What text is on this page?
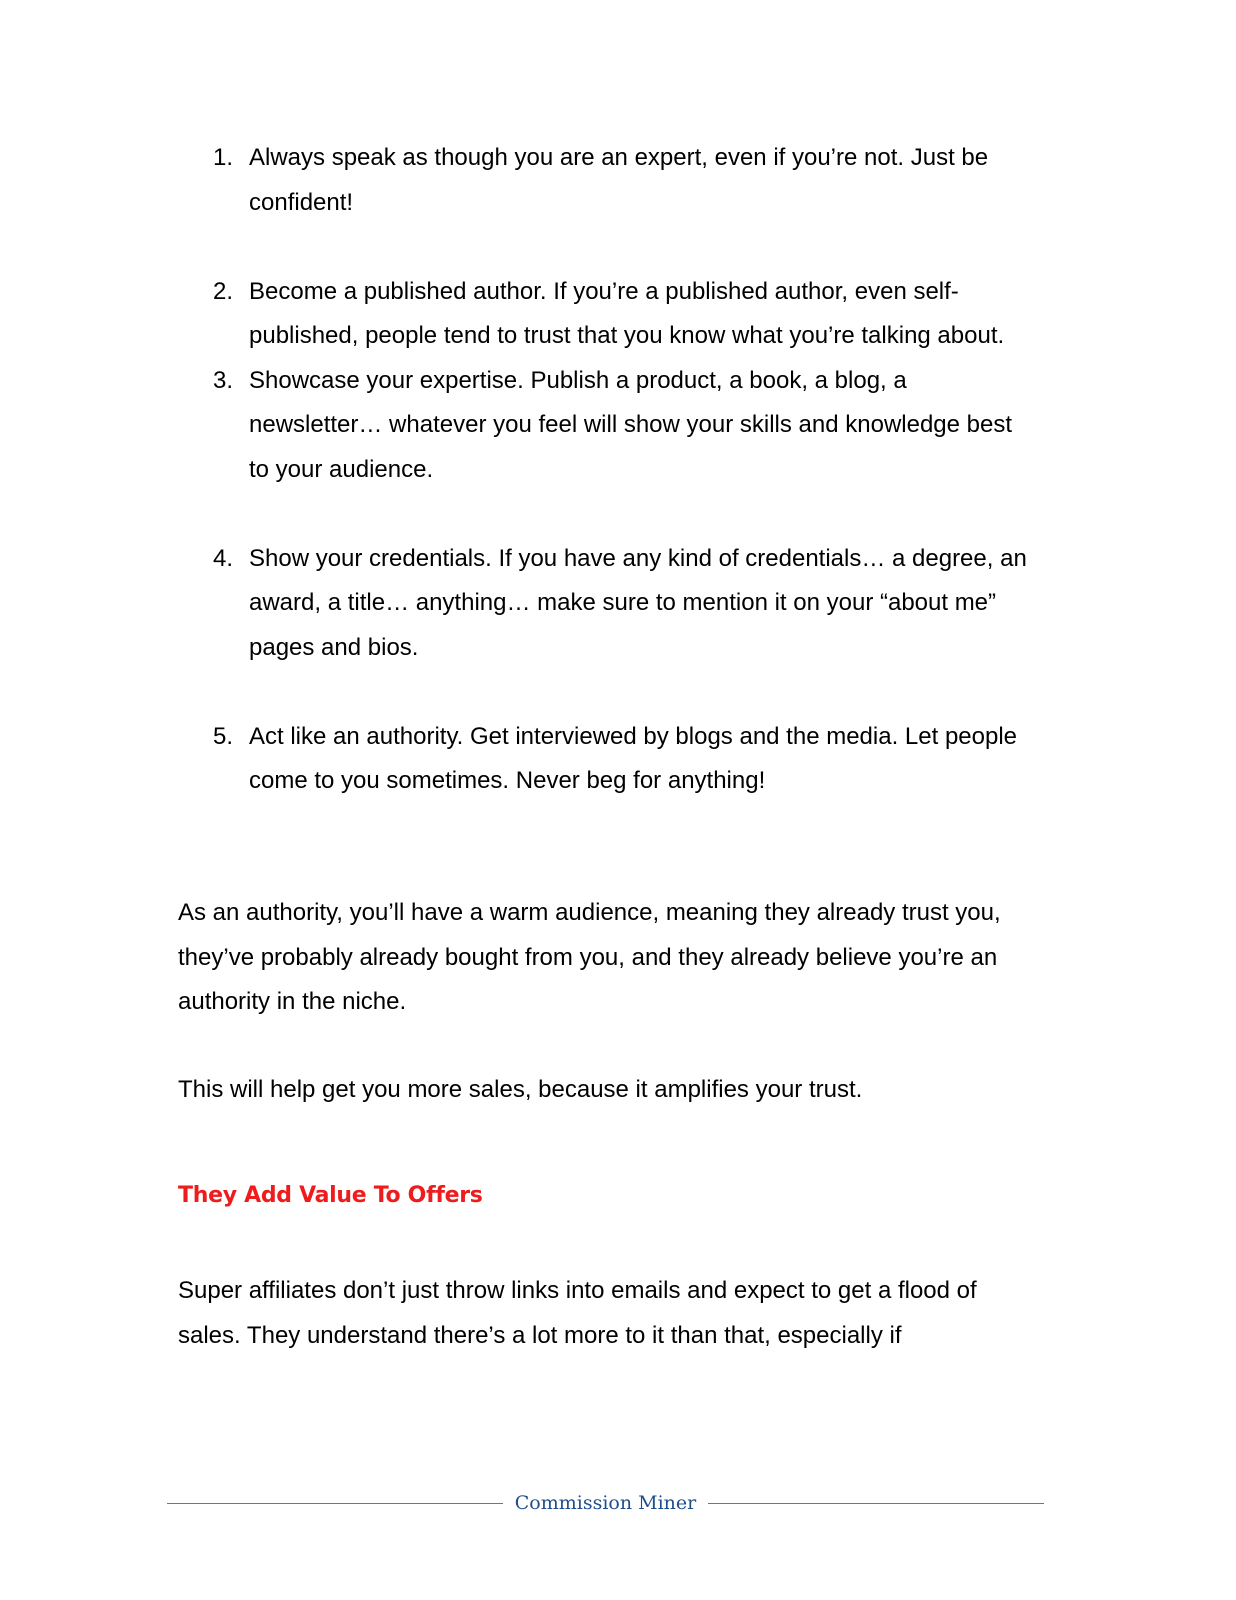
1. Always speak as though you are an expert, even if you’re not. Just be confident!
2. Become a published author. If you’re a published author, even self-published, people tend to trust that you know what you’re talking about.
3. Showcase your expertise. Publish a product, a book, a blog, a newsletter… whatever you feel will show your skills and knowledge best to your audience.
4. Show your credentials. If you have any kind of credentials… a degree, an award, a title… anything… make sure to mention it on your “about me” pages and bios.
5. Act like an authority. Get interviewed by blogs and the media. Let people come to you sometimes. Never beg for anything!

As an authority, you’ll have a warm audience, meaning they already trust you, they’ve probably already bought from you, and they already believe you’re an authority in the niche.

This will help get you more sales, because it amplifies your trust.

They Add Value To Offers

Super affiliates don’t just throw links into emails and expect to get a flood of sales. They understand there’s a lot more to it than that, especially if

Commission Miner
